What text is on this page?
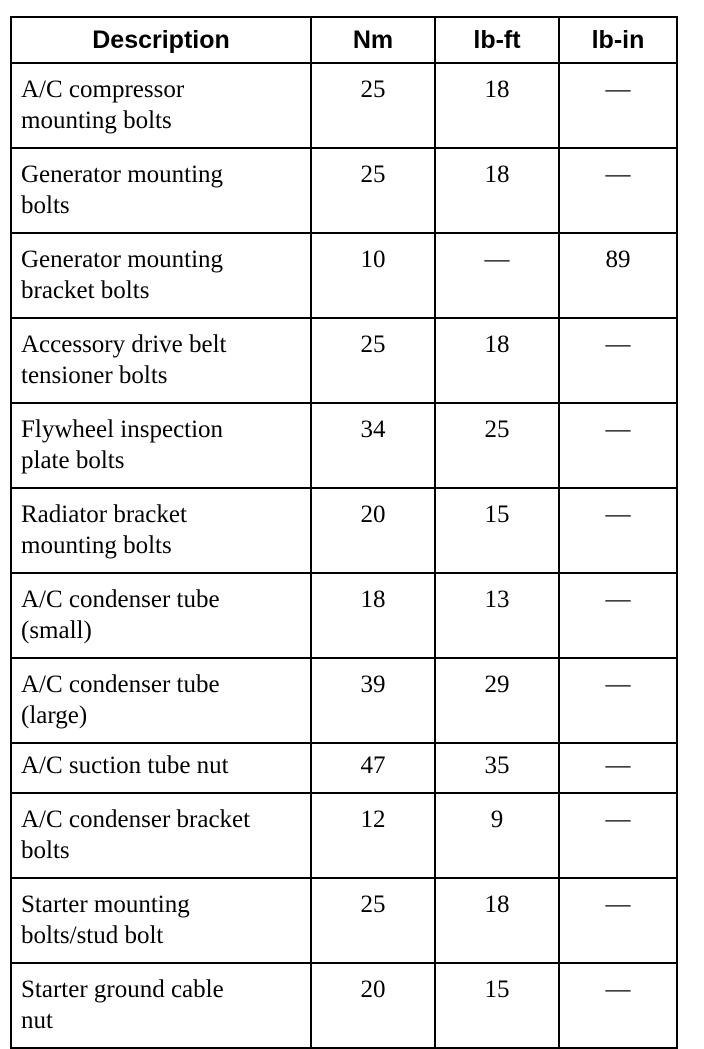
Description	Nm	lb-ft	lb-in
A/C compressor
mounting bolts	25	18	—
Generator mounting
bolts	25	18	—
Generator mounting
bracket bolts	10	—	89
Accessory drive belt
tensioner bolts	25	18	—
Flywheel inspection
plate bolts	34	25	—
Radiator bracket
mounting bolts	20	15	—
A/C condenser tube
(small)	18	13	—
A/C condenser tube
(large)	39	29	—
A/C suction tube nut	47	35	—
A/C condenser bracket
bolts	12	9	—
Starter mounting
bolts/stud bolt	25	18	—
Starter ground cable
nut	20	15	—
